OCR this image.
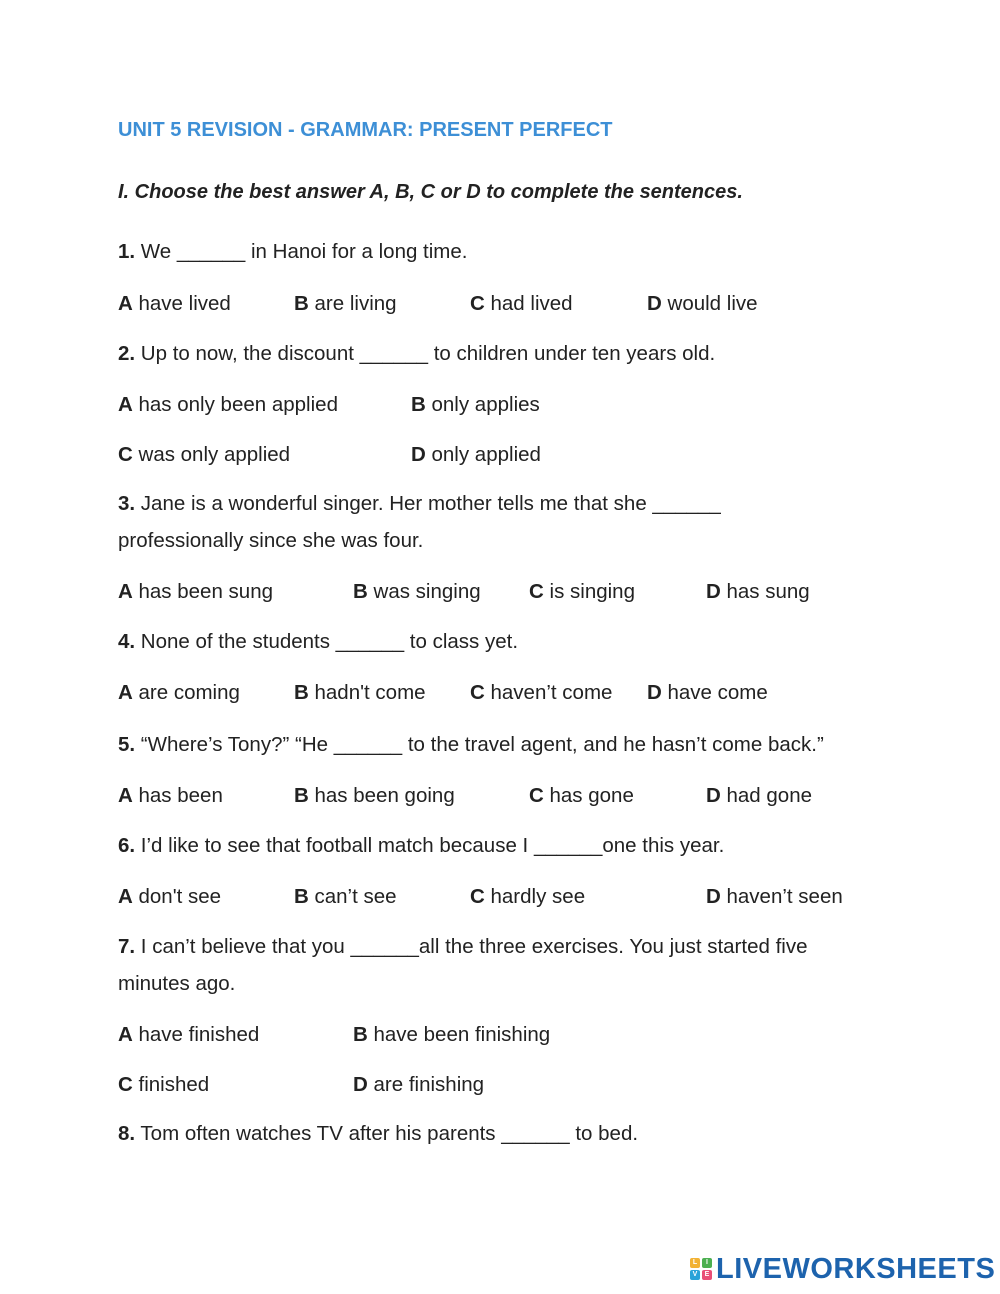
UNIT 5 REVISION - GRAMMAR: PRESENT PERFECT
I. Choose the best answer A, B, C or D to complete the sentences.
1. We ______ in Hanoi for a long time.
A have lived	B are living	C had lived	D would live
2. Up to now, the discount ______ to children under ten years old.
A has only been applied	B only applies
C was only applied	D only applied
3. Jane is a wonderful singer. Her mother tells me that she ______
professionally since she was four.
A has been sung	B was singing C is singing	D has sung
4. None of the students ______ to class yet.
A are coming	B hadn't come C haven’t come D have come
5. “Where’s Tony?” “He ______ to the travel agent, and he hasn’t come back.”
A has been	B has been going	C has gone	D had gone
6. I’d like to see that football match because I ______one this year.
A don't see	B can’t see	C hardly see	D haven’t seen
7. I can’t believe that you ______all the three exercises. You just started five
minutes ago.
A have finished	B have been finishing
C finished	D are finishing
8. Tom often watches TV after his parents ______ to bed.
L	I
V	E LIVEWORKSHEETS
